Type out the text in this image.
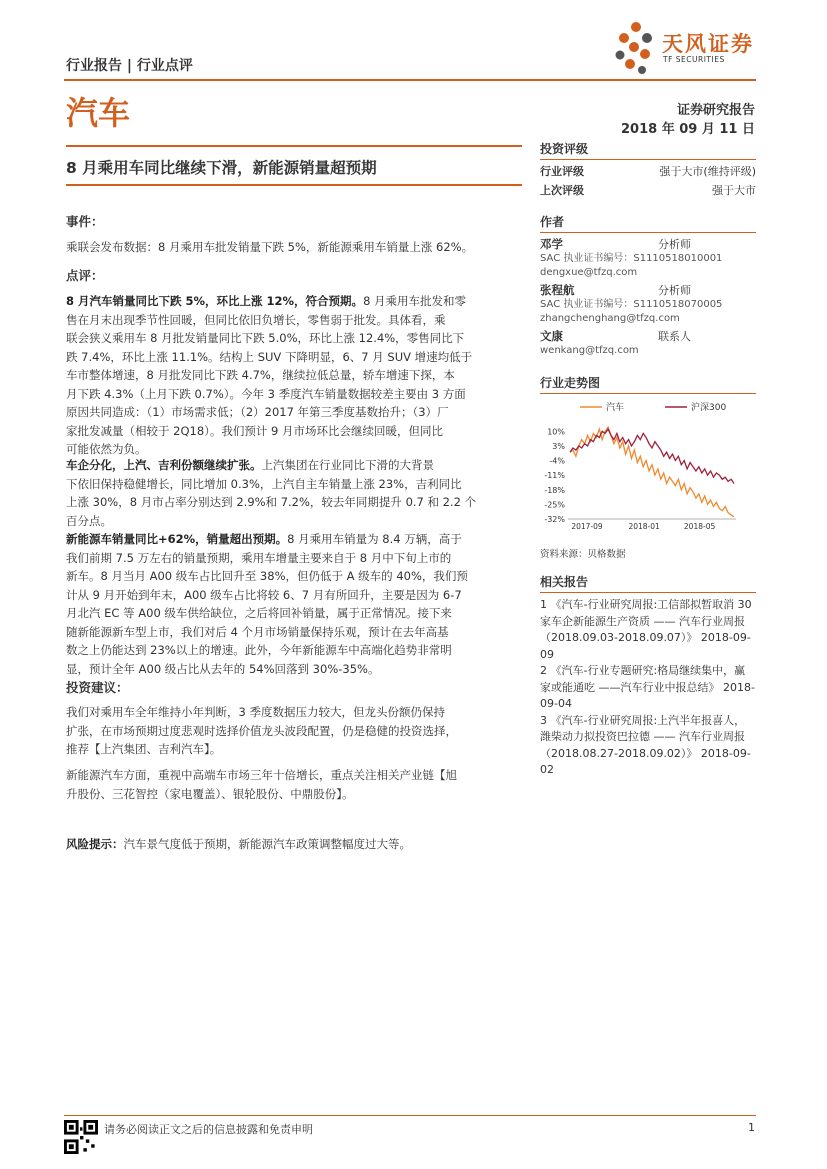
行业报告 | 行业点评
天风证券
TF SECURITIES
汽车	证券研究报告
2018 年 09 月 11 日
8 月乘用车同比继续下滑，新能源销量超预期
事件：
乘联会发布数据：8 月乘用车批发销量下跌 5%，新能源乘用车销量上涨 62%。
点评：
8 月汽车销量同比下跌 5%，环比上涨 12%，符合预期。8 月乘用车批发和零
售在月末出现季节性回暖，但同比依旧负增长，零售弱于批发。具体看，乘
联会狭义乘用车 8 月批发销量同比下跌 5.0%，环比上涨 12.4%，零售同比下
跌 7.4%，环比上涨 11.1%。结构上 SUV 下降明显，6、7 月 SUV 增速均低于
车市整体增速，8 月批发同比下跌 4.7%，继续拉低总量，轿车增速下探，本
月下跌 4.3%（上月下跌 0.7%）。今年 3 季度汽车销量数据较差主要由 3 方面
原因共同造成：（1）市场需求低；（2）2017 年第三季度基数抬升；（3）厂
家批发减量（相较于 2Q18）。我们预计 9 月市场环比会继续回暖，但同比
可能依然为负。
车企分化，上汽、吉利份额继续扩张。上汽集团在行业同比下滑的大背景
下依旧保持稳健增长，同比增加 0.3%，上汽自主车销量上涨 23%，吉利同比
上涨 30%，8 月市占率分别达到 2.9%和 7.2%，较去年同期提升 0.7 和 2.2 个
百分点。
新能源车销量同比+62%，销量超出预期。8 月乘用车销量为 8.4 万辆，高于
我们前期 7.5 万左右的销量预期，乘用车增量主要来自于 8 月中下旬上市的
新车。8 月当月 A00 级车占比回升至 38%，但仍低于 A 级车的 40%，我们预
计从 9 月开始到年末，A00 级车占比将较 6、7 月有所回升，主要是因为 6-7
月北汽 EC 等 A00 级车供给缺位，之后将回补销量，属于正常情况。接下来
随新能源新车型上市，我们对后 4 个月市场销量保持乐观，预计在去年高基
数之上仍能达到 23%以上的增速。此外，今年新能源车中高端化趋势非常明
显，预计全年 A00 级占比从去年的 54%回落到 30%-35%。
投资建议：
我们对乘用车全年维持小年判断，3 季度数据压力较大，但龙头份额仍保持
扩张，在市场预期过度悲观时选择价值龙头波段配置，仍是稳健的投资选择，
推荐【上汽集团、吉利汽车】。
新能源汽车方面，重视中高端车市场三年十倍增长，重点关注相关产业链【旭
升股份、三花智控（家电覆盖）、银轮股份、中鼎股份】。
风险提示：汽车景气度低于预期，新能源汽车政策调整幅度过大等。
投资评级
行业评级	强于大市(维持评级)
上次评级	强于大市
作者
邓学	分析师
SAC 执业证书编号：S1110518010001
dengxue@tfzq.com
张程航	分析师
SAC 执业证书编号：S1110518070005
zhangchenghang@tfzq.com
文康	联系人
wenkang@tfzq.com
行业走势图
汽车	沪深300
10%
3%
-4%
-11%
-18%
-25%
-32%
2017-09	2018-01	2018-05
资料来源：贝格数据
相关报告
1 《汽车-行业研究周报:工信部拟暂取消 30 家车企新能源生产资质 —— 汽车行业周报（2018.09.03-2018.09.07）》 2018-09-09
2 《汽车-行业专题研究:格局继续集中，赢家或能通吃 ——汽车行业中报总结》 2018-09-04
3 《汽车-行业研究周报:上汽半年报喜人，潍柴动力拟投资巴拉德 —— 汽车行业周报（2018.08.27-2018.09.02）》 2018-09-02
请务必阅读正文之后的信息披露和免责申明	1
